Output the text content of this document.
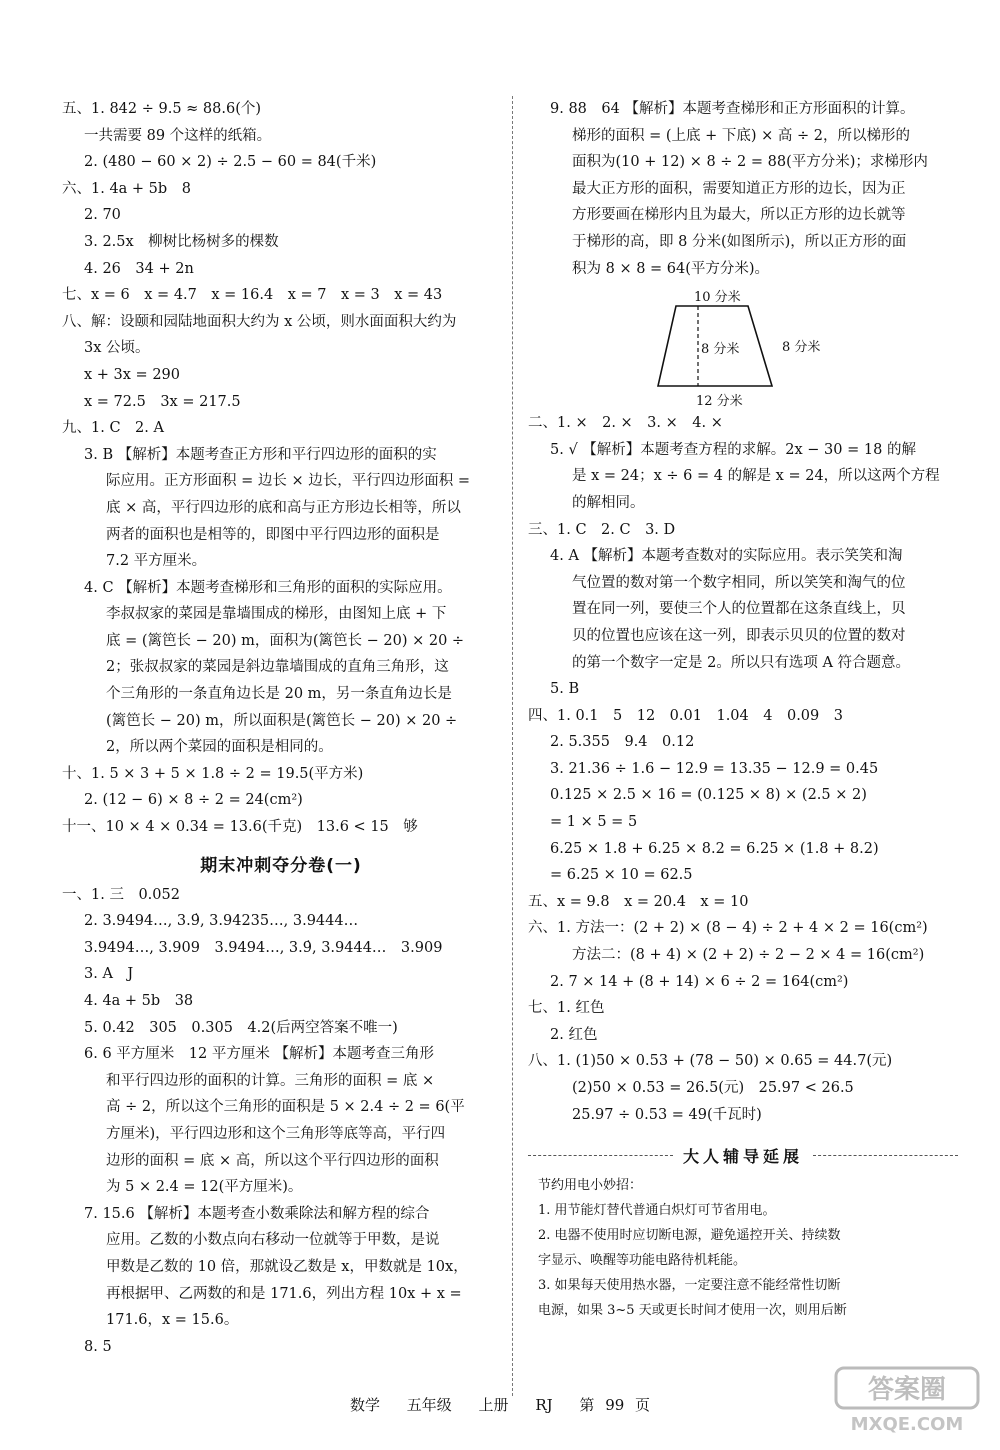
五、1. 842 ÷ 9.5 ≈ 88.6(个)
一共需要 89 个这样的纸箱。
2. (480 − 60 × 2) ÷ 2.5 − 60 = 84(千米)
六、1. 4a + 5b　8
2. 70
3. 2.5x　柳树比杨树多的棵数
4. 26　34 + 2n
七、x = 6　x = 4.7　x = 16.4　x = 7　x = 3　x = 43
八、解：设颐和园陆地面积大约为 x 公顷，则水面面积大约为
3x 公顷。
x + 3x = 290
x = 72.5　3x = 217.5
九、1. C　2. A
3. B 【解析】本题考查正方形和平行四边形的面积的实
际应用。正方形面积 = 边长 × 边长，平行四边形面积 =
底 × 高，平行四边形的底和高与正方形边长相等，所以
两者的面积也是相等的，即图中平行四边形的面积是
7.2 平方厘米。
4. C 【解析】本题考查梯形和三角形的面积的实际应用。
李叔叔家的菜园是靠墙围成的梯形，由图知上底 + 下
底 = (篱笆长 − 20) m，面积为(篱笆长 − 20) × 20 ÷
2；张叔叔家的菜园是斜边靠墙围成的直角三角形，这
个三角形的一条直角边长是 20 m，另一条直角边长是
(篱笆长 − 20) m，所以面积是(篱笆长 − 20) × 20 ÷
2，所以两个菜园的面积是相同的。
十、1. 5 × 3 + 5 × 1.8 ÷ 2 = 19.5(平方米)
2. (12 − 6) × 8 ÷ 2 = 24(cm²)
十一、10 × 4 × 0.34 = 13.6(千克)　13.6 < 15　够
期末冲刺夺分卷(一)
一、1. 三　0.052
2. 3.9494…, 3.9̇, 3.94235…, 3.9444…
3.9494…, 3.909　3.9494…, 3.9̇, 3.9444…　3.909
3. A　J
4. 4a + 5b　38
5. 0.42　305　0.305　4.2(后两空答案不唯一)
6. 6 平方厘米　12 平方厘米 【解析】本题考查三角形
和平行四边形的面积的计算。三角形的面积 = 底 ×
高 ÷ 2，所以这个三角形的面积是 5 × 2.4 ÷ 2 = 6(平
方厘米)，平行四边形和这个三角形等底等高，平行四
边形的面积 = 底 × 高，所以这个平行四边形的面积
为 5 × 2.4 = 12(平方厘米)。
7. 15.6 【解析】本题考查小数乘除法和解方程的综合
应用。乙数的小数点向右移动一位就等于甲数，是说
甲数是乙数的 10 倍，那就设乙数是 x，甲数就是 10x，
再根据甲、乙两数的和是 171.6，列出方程 10x + x =
171.6，x = 15.6。
8. 5
9. 88　64 【解析】本题考查梯形和正方形面积的计算。
梯形的面积 = (上底 + 下底) × 高 ÷ 2，所以梯形的
面积为(10 + 12) × 8 ÷ 2 = 88(平方分米)；求梯形内
最大正方形的面积，需要知道正方形的边长，因为正
方形要画在梯形内且为最大，所以正方形的边长就等
于梯形的高，即 8 分米(如图所示)，所以正方形的面
积为 8 × 8 = 64(平方分米)。
10 分米
8 分米	8 分米
12 分米
二、1. ×　2. ×　3. ×　4. ×
5. √ 【解析】本题考查方程的求解。2x − 30 = 18 的解
是 x = 24；x ÷ 6 = 4 的解是 x = 24，所以这两个方程
的解相同。
三、1. C　2. C　3. D
4. A 【解析】本题考查数对的实际应用。表示笑笑和淘
气位置的数对第一个数字相同，所以笑笑和淘气的位
置在同一列，要使三个人的位置都在这条直线上，贝
贝的位置也应该在这一列，即表示贝贝的位置的数对
的第一个数字一定是 2。所以只有选项 A 符合题意。
5. B
四、1. 0.1　5　12　0.01　1.04　4　0.09　3
2. 5.355　9.4　0.12
3. 21.36 ÷ 1.6 − 12.9 = 13.35 − 12.9 = 0.45
0.125 × 2.5 × 16 = (0.125 × 8) × (2.5 × 2)
= 1 × 5 = 5
6.25 × 1.8 + 6.25 × 8.2 = 6.25 × (1.8 + 8.2)
= 6.25 × 10 = 62.5
五、x = 9.8　x = 20.4　x = 10
六、1. 方法一：(2 + 2) × (8 − 4) ÷ 2 + 4 × 2 = 16(cm²)
方法二：(8 + 4) × (2 + 2) ÷ 2 − 2 × 4 = 16(cm²)
2. 7 × 14 + (8 + 14) × 6 ÷ 2 = 164(cm²)
七、1. 红色
2. 红色
八、1. (1)50 × 0.53 + (78 − 50) × 0.65 = 44.7(元)
(2)50 × 0.53 = 26.5(元)　25.97 < 26.5
25.97 ÷ 0.53 = 49(千瓦时)
大人辅导延展
节约用电小妙招：
1. 用节能灯替代普通白炽灯可节省用电。
2. 电器不使用时应切断电源，避免遥控开关、持续数
字显示、唤醒等功能电路待机耗能。
3. 如果每天使用热水器，一定要注意不能经常性切断
电源，如果 3~5 天或更长时间才使用一次，则用后断
数学 五年级 上册 RJ 第 99 页	答案圈
MXQE.COM
